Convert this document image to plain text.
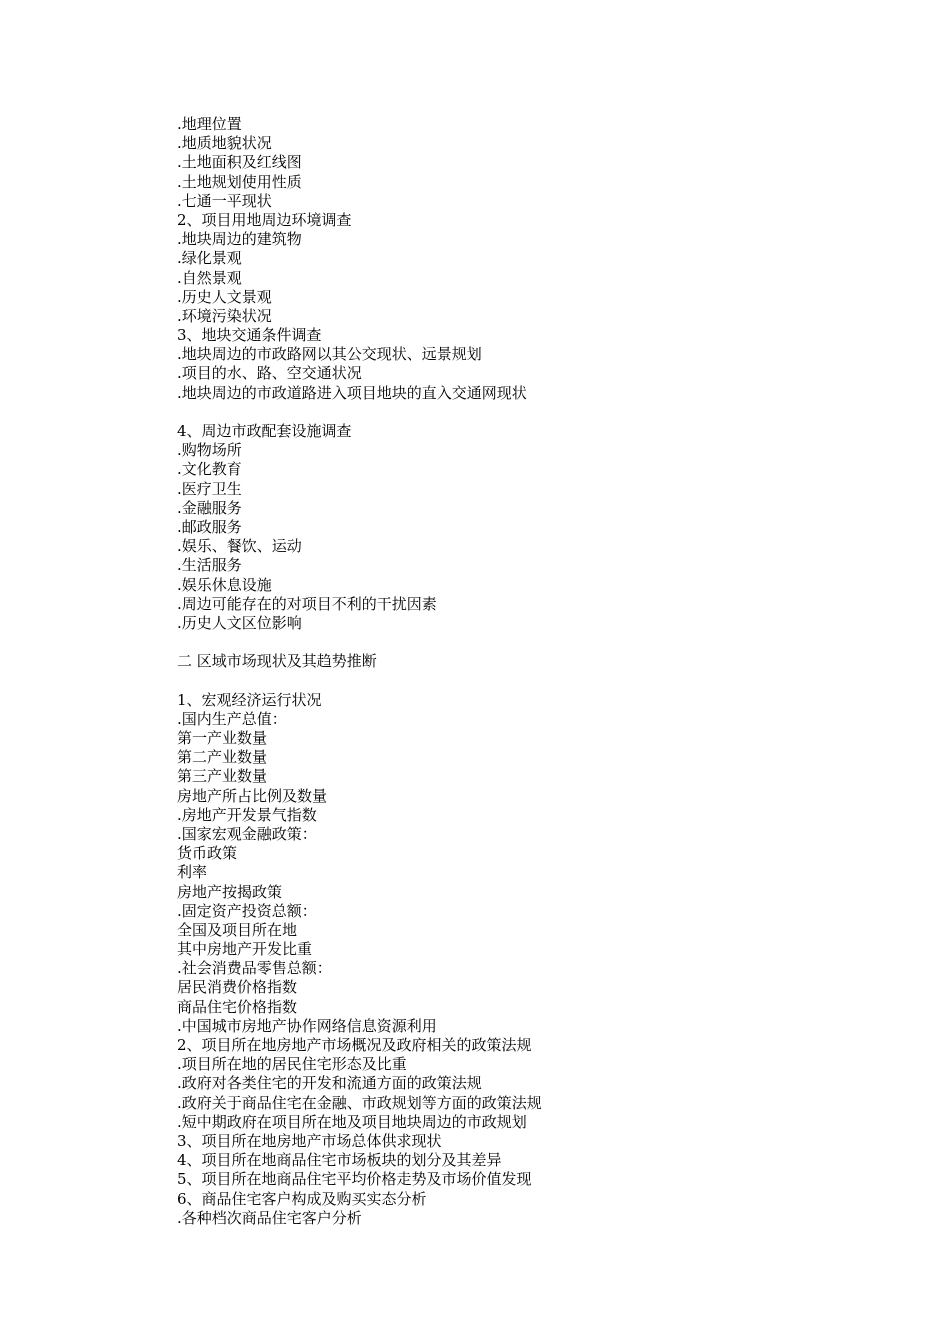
.地理位置
.地质地貌状况
.土地面积及红线图
.土地规划使用性质
.七通一平现状
2、项目用地周边环境调查
.地块周边的建筑物
.绿化景观
.自然景观
.历史人文景观
.环境污染状况
3、地块交通条件调查
.地块周边的市政路网以其公交现状、远景规划
.项目的水、路、空交通状况
.地块周边的市政道路进入项目地块的直入交通网现状
4、周边市政配套设施调查
.购物场所
.文化教育
.医疗卫生
.金融服务
.邮政服务
.娱乐、餐饮、运动
.生活服务
.娱乐休息设施
.周边可能存在的对项目不利的干扰因素
.历史人文区位影响
二 区域市场现状及其趋势推断
1、宏观经济运行状况
.国内生产总值：
第一产业数量
第二产业数量
第三产业数量
房地产所占比例及数量
.房地产开发景气指数
.国家宏观金融政策：
货币政策
利率
房地产按揭政策
.固定资产投资总额：
全国及项目所在地
其中房地产开发比重
.社会消费品零售总额：
居民消费价格指数
商品住宅价格指数
.中国城市房地产协作网络信息资源利用
2、项目所在地房地产市场概况及政府相关的政策法规
.项目所在地的居民住宅形态及比重
.政府对各类住宅的开发和流通方面的政策法规
.政府关于商品住宅在金融、市政规划等方面的政策法规
.短中期政府在项目所在地及项目地块周边的市政规划
3、项目所在地房地产市场总体供求现状
4、项目所在地商品住宅市场板块的划分及其差异
5、项目所在地商品住宅平均价格走势及市场价值发现
6、商品住宅客户构成及购买实态分析
.各种档次商品住宅客户分析
